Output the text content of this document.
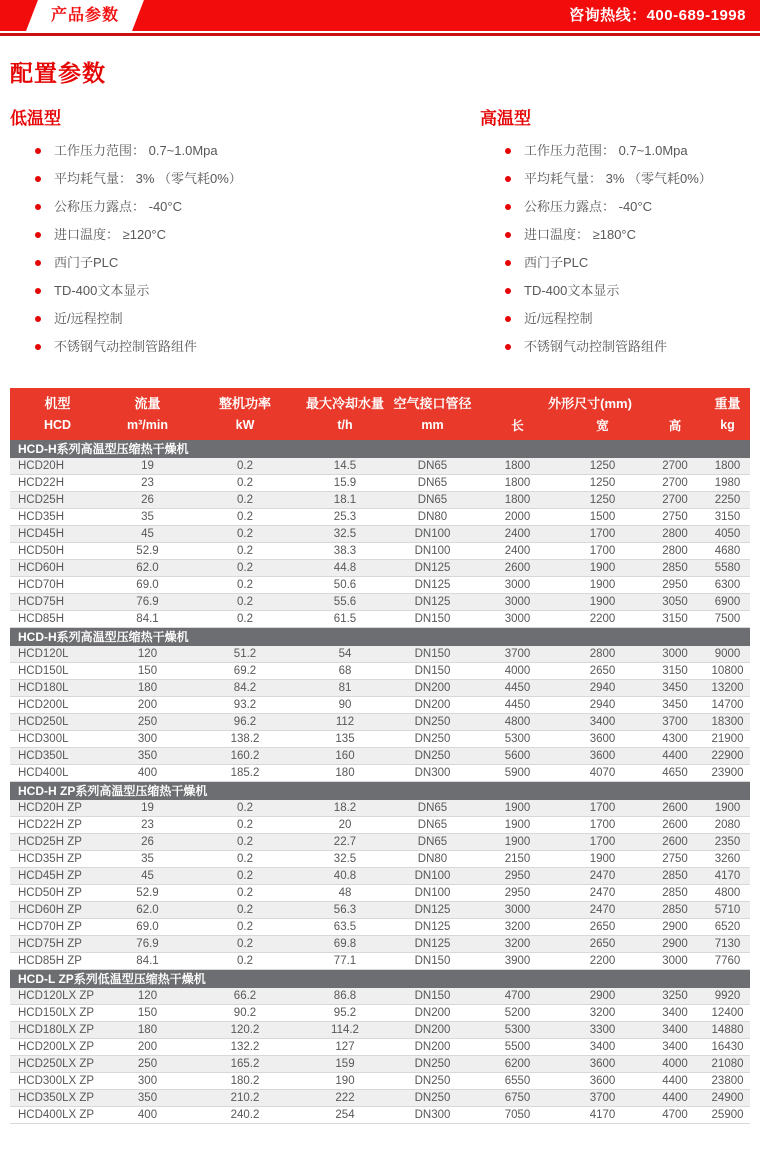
产品参数	咨询热线：400-689-1998
配置参数
低温型
工作压力范围： 0.7~1.0Mpa
平均耗气量： 3% （零气耗0%）
公称压力露点： -40°C
进口温度： ≥120°C
西门子PLC
TD-400文本显示
近/远程控制
不锈钢气动控制管路组件
高温型
工作压力范围： 0.7~1.0Mpa
平均耗气量： 3% （零气耗0%）
公称压力露点： -40°C
进口温度： ≥180°C
西门子PLC
TD-400文本显示
近/远程控制
不锈钢气动控制管路组件
机型	流量	整机功率	最大冷却水量	空气接口管径	外形尺寸(mm)			重量
HCD	m³/min	kW	t/h	mm	长	宽	高	kg
HCD-H系列高温型压缩热干燥机								
HCD20H	19	0.2	14.5	DN65	1800	1250	2700	1800
HCD22H	23	0.2	15.9	DN65	1800	1250	2700	1980
HCD25H	26	0.2	18.1	DN65	1800	1250	2700	2250
HCD35H	35	0.2	25.3	DN80	2000	1500	2750	3150
HCD45H	45	0.2	32.5	DN100	2400	1700	2800	4050
HCD50H	52.9	0.2	38.3	DN100	2400	1700	2800	4680
HCD60H	62.0	0.2	44.8	DN125	2600	1900	2850	5580
HCD70H	69.0	0.2	50.6	DN125	3000	1900	2950	6300
HCD75H	76.9	0.2	55.6	DN125	3000	1900	3050	6900
HCD85H	84.1	0.2	61.5	DN150	3000	2200	3150	7500
HCD-H系列高温型压缩热干燥机								
HCD120L	120	51.2	54	DN150	3700	2800	3000	9000
HCD150L	150	69.2	68	DN150	4000	2650	3150	10800
HCD180L	180	84.2	81	DN200	4450	2940	3450	13200
HCD200L	200	93.2	90	DN200	4450	2940	3450	14700
HCD250L	250	96.2	112	DN250	4800	3400	3700	18300
HCD300L	300	138.2	135	DN250	5300	3600	4300	21900
HCD350L	350	160.2	160	DN250	5600	3600	4400	22900
HCD400L	400	185.2	180	DN300	5900	4070	4650	23900
HCD-H ZP系列高温型压缩热干燥机								
HCD20H ZP	19	0.2	18.2	DN65	1900	1700	2600	1900
HCD22H ZP	23	0.2	20	DN65	1900	1700	2600	2080
HCD25H ZP	26	0.2	22.7	DN65	1900	1700	2600	2350
HCD35H ZP	35	0.2	32.5	DN80	2150	1900	2750	3260
HCD45H ZP	45	0.2	40.8	DN100	2950	2470	2850	4170
HCD50H ZP	52.9	0.2	48	DN100	2950	2470	2850	4800
HCD60H ZP	62.0	0.2	56.3	DN125	3000	2470	2850	5710
HCD70H ZP	69.0	0.2	63.5	DN125	3200	2650	2900	6520
HCD75H ZP	76.9	0.2	69.8	DN125	3200	2650	2900	7130
HCD85H ZP	84.1	0.2	77.1	DN150	3900	2200	3000	7760
HCD-L ZP系列低温型压缩热干燥机								
HCD120LX ZP	120	66.2	86.8	DN150	4700	2900	3250	9920
HCD150LX ZP	150	90.2	95.2	DN200	5200	3200	3400	12400
HCD180LX ZP	180	120.2	114.2	DN200	5300	3300	3400	14880
HCD200LX ZP	200	132.2	127	DN200	5500	3400	3400	16430
HCD250LX ZP	250	165.2	159	DN250	6200	3600	4000	21080
HCD300LX ZP	300	180.2	190	DN250	6550	3600	4400	23800
HCD350LX ZP	350	210.2	222	DN250	6750	3700	4400	24900
HCD400LX ZP	400	240.2	254	DN300	7050	4170	4700	25900
